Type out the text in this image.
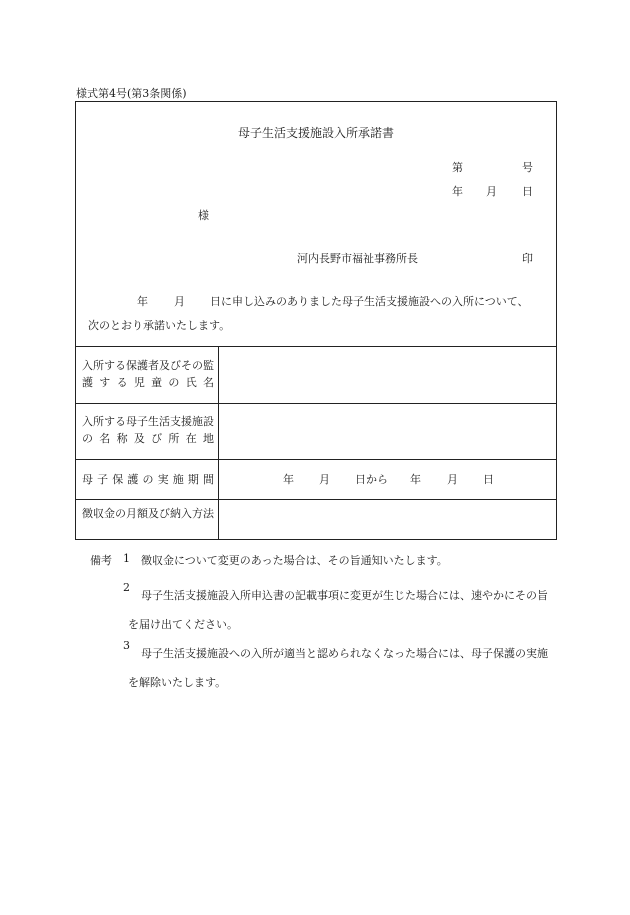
様式第4号(第3条関係)
母子生活支援施設入所承諾書
第	号
年 月 日
様
河内長野市福祉事務所長	印
年 月 日に申し込みのありました母子生活支援施設への入所について、
次のとおり承諾いたします。
入所する保護者及びその監護する児童の氏名
入所する母子生活支援施設の名称及び所在地
母子保護の実施期間	年 月 日から 年 月 日
徴収金の月額及び納入方法
備考 1 徴収金について変更のあった場合は、その旨通知いたします。
2
母子生活支援施設入所申込書の記載事項に変更が生じた場合には、速やかにその旨を届け出てください。
3
母子生活支援施設への入所が適当と認められなくなった場合には、母子保護の実施を解除いたします。
